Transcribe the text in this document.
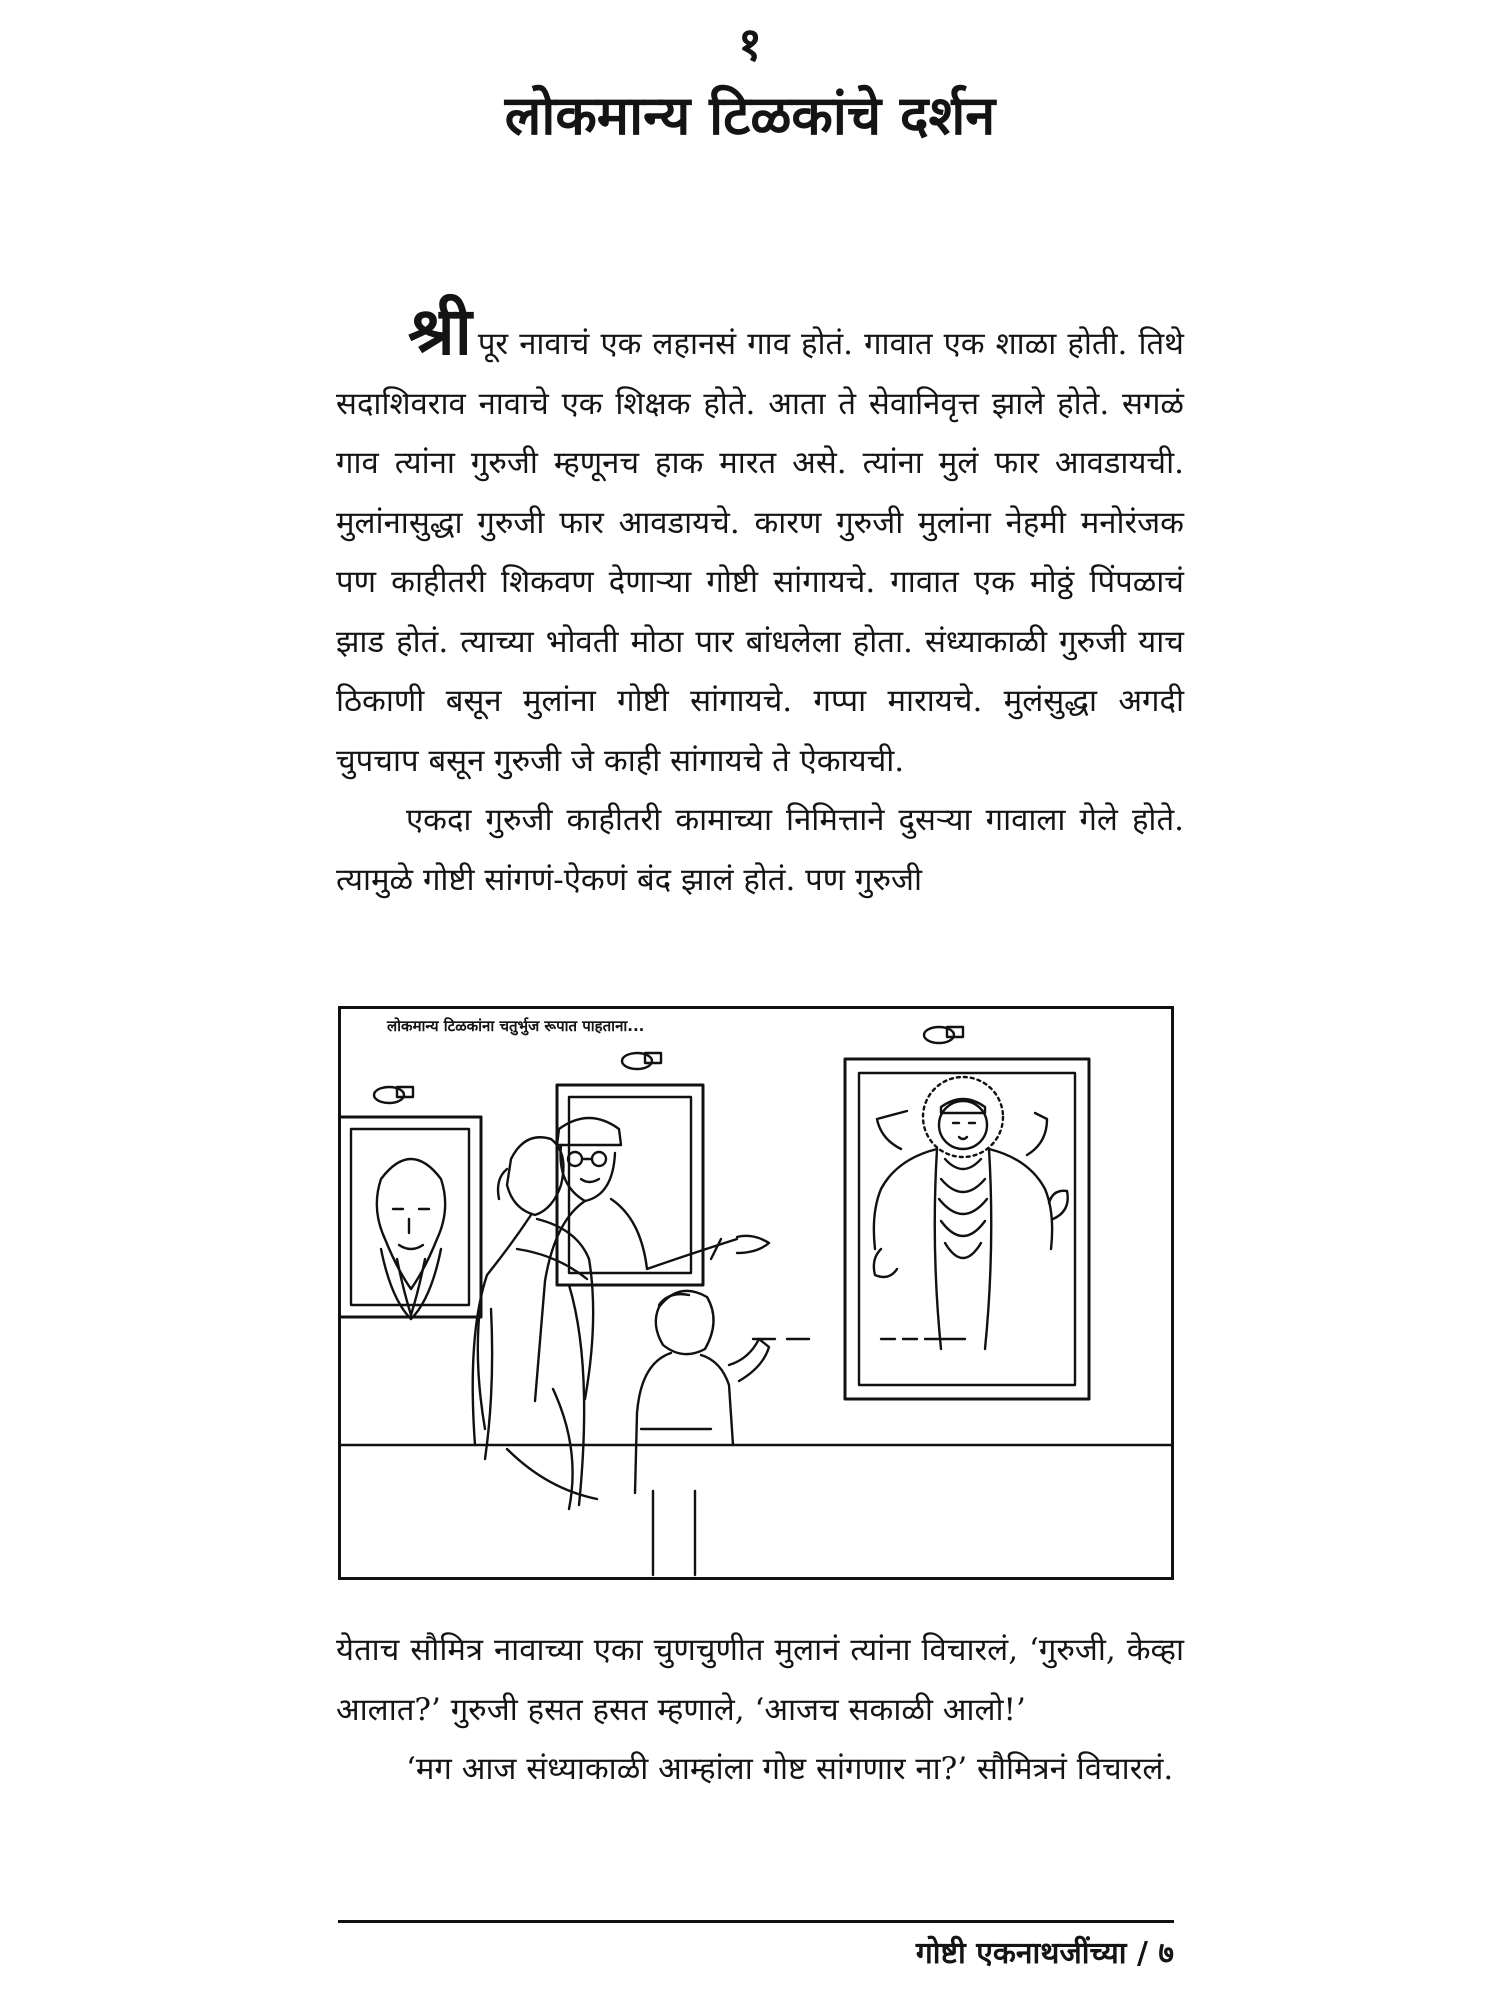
१
लोकमान्य टिळकांचे दर्शन

श्री पूर नावाचं एक लहानसं गाव होतं. गावात एक शाळा होती. तिथे सदाशिवराव नावाचे एक शिक्षक होते. आता ते सेवानिवृत्त झाले होते. सगळं गाव त्यांना गुरुजी म्हणूनच हाक मारत असे. त्यांना मुलं फार आवडायची. मुलांनासुद्धा गुरुजी फार आवडायचे. कारण गुरुजी मुलांना नेहमी मनोरंजक पण काहीतरी शिकवण देणाऱ्या गोष्टी सांगायचे. गावात एक मोठ्ठं पिंपळाचं झाड होतं. त्याच्या भोवती मोठा पार बांधलेला होता. संध्याकाळी गुरुजी याच ठिकाणी बसून मुलांना गोष्टी सांगायचे. गप्पा मारायचे. मुलंसुद्धा अगदी चुपचाप बसून गुरुजी जे काही सांगायचे ते ऐकायची.

एकदा गुरुजी काहीतरी कामाच्या निमित्ताने दुसऱ्या गावाला गेले होते. त्यामुळे गोष्टी सांगणं-ऐकणं बंद झालं होतं. पण गुरुजी

लोकमान्य टिळकांना चतुर्भुज रूपात पाहताना...

येताच सौमित्र नावाच्या एका चुणचुणीत मुलानं त्यांना विचारलं, ‘गुरुजी, केव्हा आलात?’ गुरुजी हसत हसत म्हणाले, ‘आजच सकाळी आलो!’

‘मग आज संध्याकाळी आम्हांला गोष्ट सांगणार ना?’ सौमित्रनं विचारलं.

गोष्टी एकनाथजींच्या / ७
